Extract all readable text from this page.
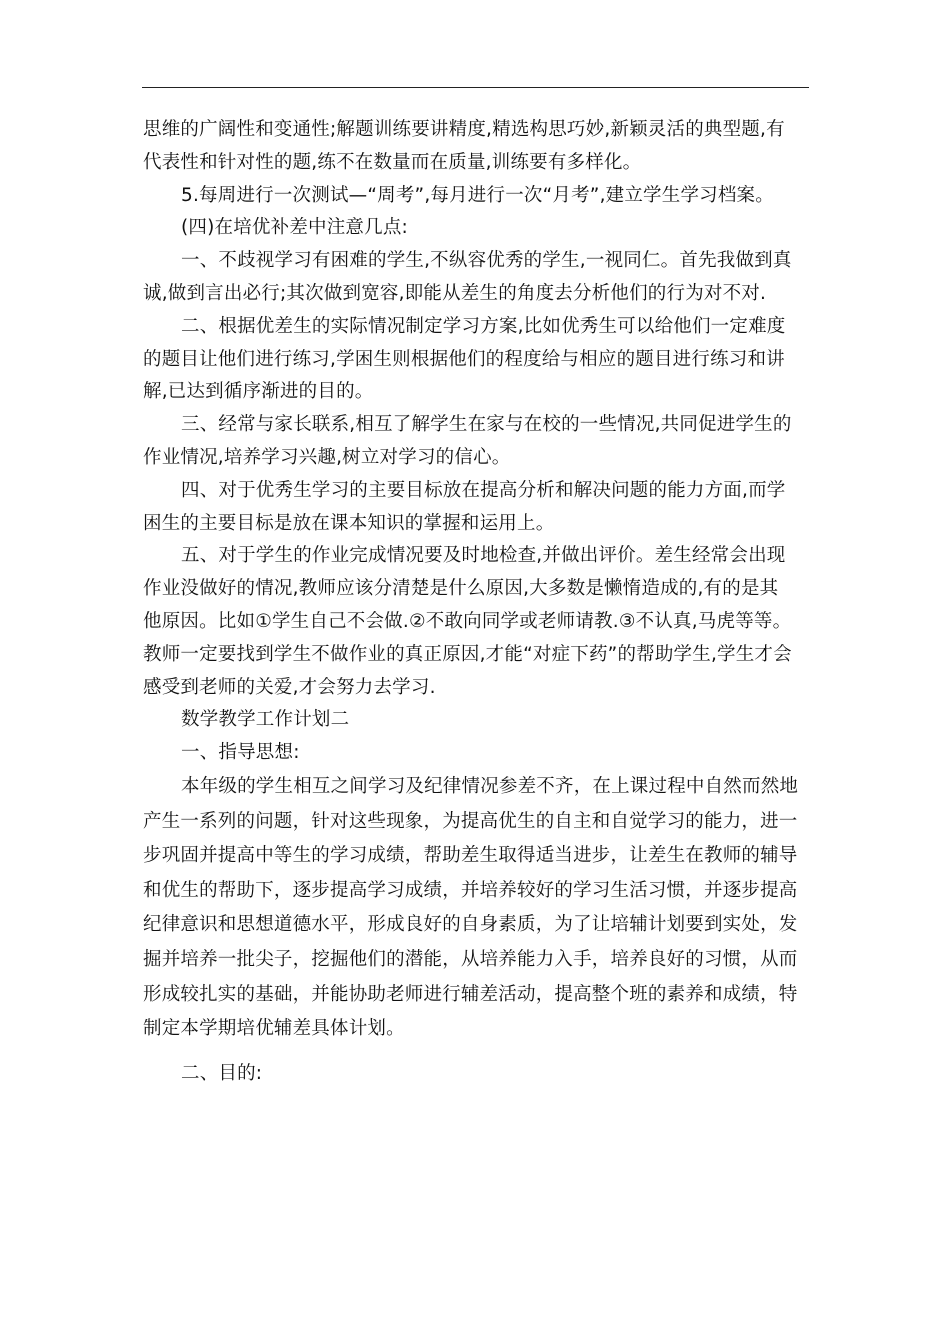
思维的广阔性和变通性;解题训练要讲精度,精选构思巧妙,新颖灵活的典型题,有
代表性和针对性的题,练不在数量而在质量,训练要有多样化。
5.每周进行一次测试—“周考”,每月进行一次“月考”,建立学生学习档案。
(四)在培优补差中注意几点:
一、不歧视学习有困难的学生,不纵容优秀的学生,一视同仁。首先我做到真
诚,做到言出必行;其次做到宽容,即能从差生的角度去分析他们的行为对不对.
二、根据优差生的实际情况制定学习方案,比如优秀生可以给他们一定难度
的题目让他们进行练习,学困生则根据他们的程度给与相应的题目进行练习和讲
解,已达到循序渐进的目的。
三、经常与家长联系,相互了解学生在家与在校的一些情况,共同促进学生的
作业情况,培养学习兴趣,树立对学习的信心。
四、对于优秀生学习的主要目标放在提高分析和解决问题的能力方面,而学
困生的主要目标是放在课本知识的掌握和运用上。
五、对于学生的作业完成情况要及时地检查,并做出评价。差生经常会出现
作业没做好的情况,教师应该分清楚是什么原因,大多数是懒惰造成的,有的是其
他原因。比如①学生自己不会做.②不敢向同学或老师请教.③不认真,马虎等等。
教师一定要找到学生不做作业的真正原因,才能“对症下药”的帮助学生,学生才会
感受到老师的关爱,才会努力去学习.
数学教学工作计划二
一、指导思想:
本年级的学生相互之间学习及纪律情况参差不齐，在上课过程中自然而然地
产生一系列的问题，针对这些现象，为提高优生的自主和自觉学习的能力，进一
步巩固并提高中等生的学习成绩，帮助差生取得适当进步，让差生在教师的辅导
和优生的帮助下，逐步提高学习成绩，并培养较好的学习生活习惯，并逐步提高
纪律意识和思想道德水平，形成良好的自身素质，为了让培辅计划要到实处，发
掘并培养一批尖子，挖掘他们的潜能，从培养能力入手，培养良好的习惯，从而
形成较扎实的基础，并能协助老师进行辅差活动，提高整个班的素养和成绩，特
制定本学期培优辅差具体计划。
二、目的:
